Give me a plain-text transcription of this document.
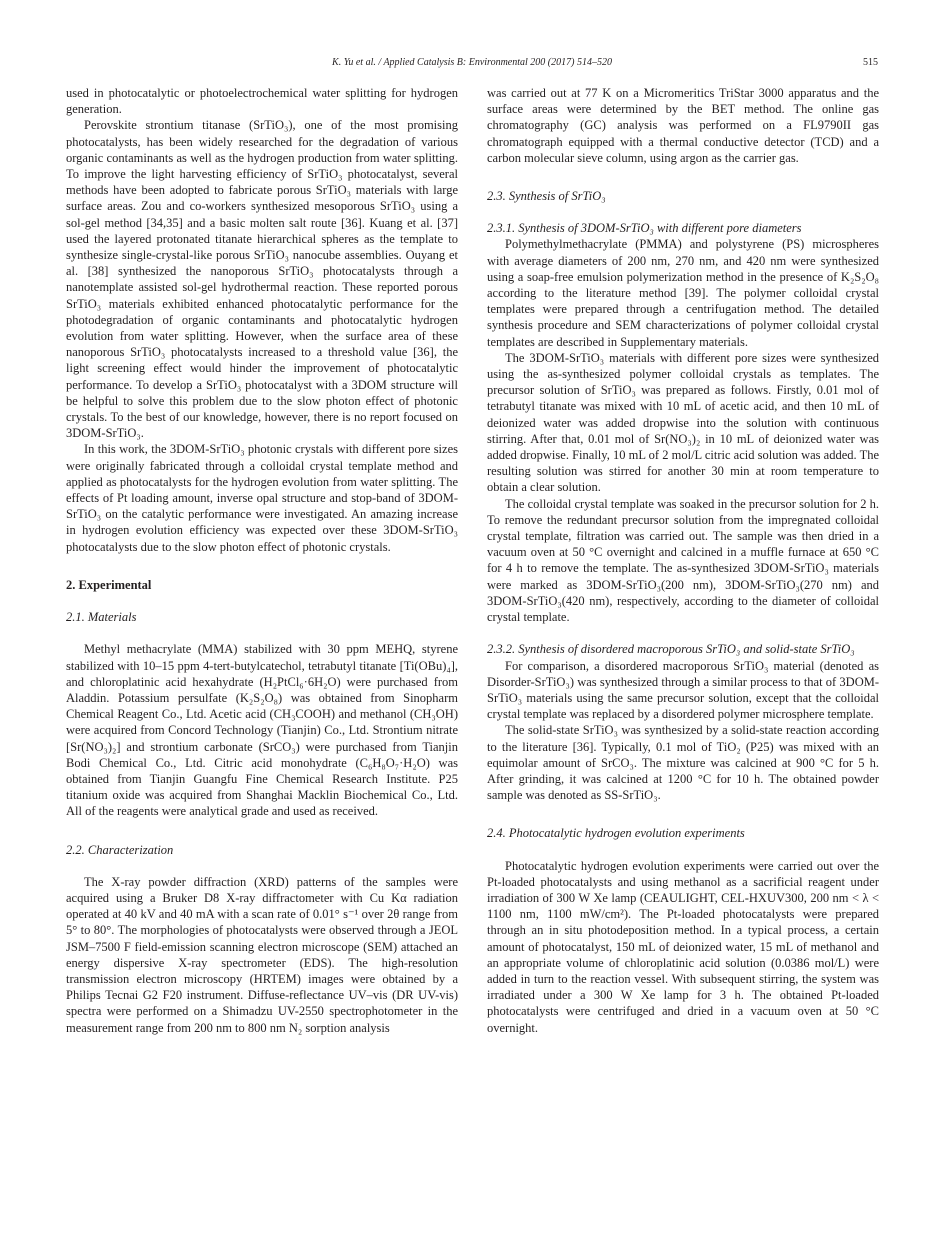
K. Yu et al. / Applied Catalysis B: Environmental 200 (2017) 514–520	515

used in photocatalytic or photoelectrochemical water splitting for hydrogen generation.

Perovskite strontium titanase (SrTiO₃), one of the most promising photocatalysts, has been widely researched for the degradation of various organic contaminants as well as the hydrogen production from water splitting. To improve the light harvesting efficiency of SrTiO₃ photocatalyst, several methods have been adopted to fabricate porous SrTiO₃ materials with large surface areas. Zou and co-workers synthesized mesoporous SrTiO₃ using a sol-gel method [34,35] and a basic molten salt route [36]. Kuang et al. [37] used the layered protonated titanate hierarchical spheres as the template to synthesize single-crystal-like porous SrTiO₃ nanocube assemblies. Ouyang et al. [38] synthesized the nanoporous SrTiO₃ photocatalysts through a nanotemplate assisted sol-gel hydrothermal reaction. These reported porous SrTiO₃ materials exhibited enhanced photocatalytic performance for the photodegradation of organic contaminants and photocatalytic hydrogen evolution from water splitting. However, when the surface area of these nanoporous SrTiO₃ photocatalysts increased to a threshold value [36], the light screening effect would hinder the improvement of photocatalytic performance. To develop a SrTiO₃ photocatalyst with a 3DOM structure will be helpful to solve this problem due to the slow photon effect of photonic crystals. To the best of our knowledge, however, there is no report focused on 3DOM-SrTiO₃.

In this work, the 3DOM-SrTiO₃ photonic crystals with different pore sizes were originally fabricated through a colloidal crystal template method and applied as photocatalysts for the hydrogen evolution from water splitting. The effects of Pt loading amount, inverse opal structure and stop-band of 3DOM-SrTiO₃ on the catalytic performance were investigated. An amazing increase in hydrogen evolution efficiency was expected over these 3DOM-SrTiO₃ photocatalysts due to the slow photon effect of photonic crystals.

2. Experimental

2.1. Materials

Methyl methacrylate (MMA) stabilized with 30 ppm MEHQ, styrene stabilized with 10–15 ppm 4-tert-butylcatechol, tetrabutyl titanate [Ti(OBu)₄], and chloroplatinic acid hexahydrate (H₂PtCl₆·6H₂O) were purchased from Aladdin. Potassium persulfate (K₂S₂O₈) was obtained from Sinopharm Chemical Reagent Co., Ltd. Acetic acid (CH₃COOH) and methanol (CH₃OH) were acquired from Concord Technology (Tianjin) Co., Ltd. Strontium nitrate [Sr(NO₃)₂] and strontium carbonate (SrCO₃) were purchased from Tianjin Bodi Chemical Co., Ltd. Citric acid monohydrate (C₆H₈O₇·H₂O) was obtained from Tianjin Guangfu Fine Chemical Research Institute. P25 titanium oxide was acquired from Shanghai Macklin Biochemical Co., Ltd. All of the reagents were analytical grade and used as received.

2.2. Characterization

The X-ray powder diffraction (XRD) patterns of the samples were acquired using a Bruker D8 X-ray diffractometer with Cu Kα radiation operated at 40 kV and 40 mA with a scan rate of 0.01° s⁻¹ over 2θ range from 5° to 80°. The morphologies of photocatalysts were observed through a JEOL JSM–7500 F field-emission scanning electron microscope (SEM) attached an energy dispersive X-ray spectrometer (EDS). The high-resolution transmission electron microscopy (HRTEM) images were obtained by a Philips Tecnai G2 F20 instrument. Diffuse-reflectance UV–vis (DR UV-vis) spectra were performed on a Shimadzu UV-2550 spectrophotometer in the measurement range from 200 nm to 800 nm N₂ sorption analysis

was carried out at 77 K on a Micromeritics TriStar 3000 apparatus and the surface areas were determined by the BET method. The online gas chromatography (GC) analysis was performed on a FL9790II gas chromatograph equipped with a thermal conductive detector (TCD) and a carbon molecular sieve column, using argon as the carrier gas.

2.3. Synthesis of SrTiO₃

2.3.1. Synthesis of 3DOM-SrTiO₃ with different pore diameters

Polymethylmethacrylate (PMMA) and polystyrene (PS) microspheres with average diameters of 200 nm, 270 nm, and 420 nm were synthesized using a soap-free emulsion polymerization method in the presence of K₂S₂O₈ according to the literature method [39]. The polymer colloidal crystal templates were prepared through a centrifugation method. The detailed synthesis procedure and SEM characterizations of polymer colloidal crystal templates are described in Supplementary materials.

The 3DOM-SrTiO₃ materials with different pore sizes were synthesized using the as-synthesized polymer colloidal crystals as templates. The precursor solution of SrTiO₃ was prepared as follows. Firstly, 0.01 mol of tetrabutyl titanate was mixed with 10 mL of acetic acid, and then 10 mL of deionized water was added dropwise into the solution with continuous stirring. After that, 0.01 mol of Sr(NO₃)₂ in 10 mL of deionized water was added dropwise. Finally, 10 mL of 2 mol/L citric acid solution was added. The resulting solution was stirred for another 30 min at room temperature to obtain a clear solution.

The colloidal crystal template was soaked in the precursor solution for 2 h. To remove the redundant precursor solution from the impregnated colloidal crystal template, filtration was carried out. The sample was then dried in a vacuum oven at 50 °C overnight and calcined in a muffle furnace at 650 °C for 4 h to remove the template. The as-synthesized 3DOM-SrTiO₃ materials were marked as 3DOM-SrTiO₃(200 nm), 3DOM-SrTiO₃(270 nm) and 3DOM-SrTiO₃(420 nm), respectively, according to the diameter of colloidal crystal template.

2.3.2. Synthesis of disordered macroporous SrTiO₃ and solid-state SrTiO₃

For comparison, a disordered macroporous SrTiO₃ material (denoted as Disorder-SrTiO₃) was synthesized through a similar process to that of 3DOM-SrTiO₃ materials using the same precursor solution, except that the colloidal crystal template was replaced by a disordered polymer microsphere template.

The solid-state SrTiO₃ was synthesized by a solid-state reaction according to the literature [36]. Typically, 0.1 mol of TiO₂ (P25) was mixed with an equimolar amount of SrCO₃. The mixture was calcined at 900 °C for 5 h. After grinding, it was calcined at 1200 °C for 10 h. The obtained powder sample was denoted as SS-SrTiO₃.

2.4. Photocatalytic hydrogen evolution experiments

Photocatalytic hydrogen evolution experiments were carried out over the Pt-loaded photocatalysts and using methanol as a sacrificial reagent under irradiation of 300 W Xe lamp (CEAULIGHT, CEL-HXUV300, 200 nm < λ < 1100 nm, 1100 mW/cm²). The Pt-loaded photocatalysts were prepared through an in situ photodeposition method. In a typical process, a certain amount of photocatalyst, 150 mL of deionized water, 15 mL of methanol and an appropriate volume of chloroplatinic acid solution (0.0386 mol/L) were added in turn to the reaction vessel. With subsequent stirring, the system was irradiated under a 300 W Xe lamp for 3 h. The obtained Pt-loaded photocatalysts were centrifuged and dried in a vacuum oven at 50 °C overnight.
